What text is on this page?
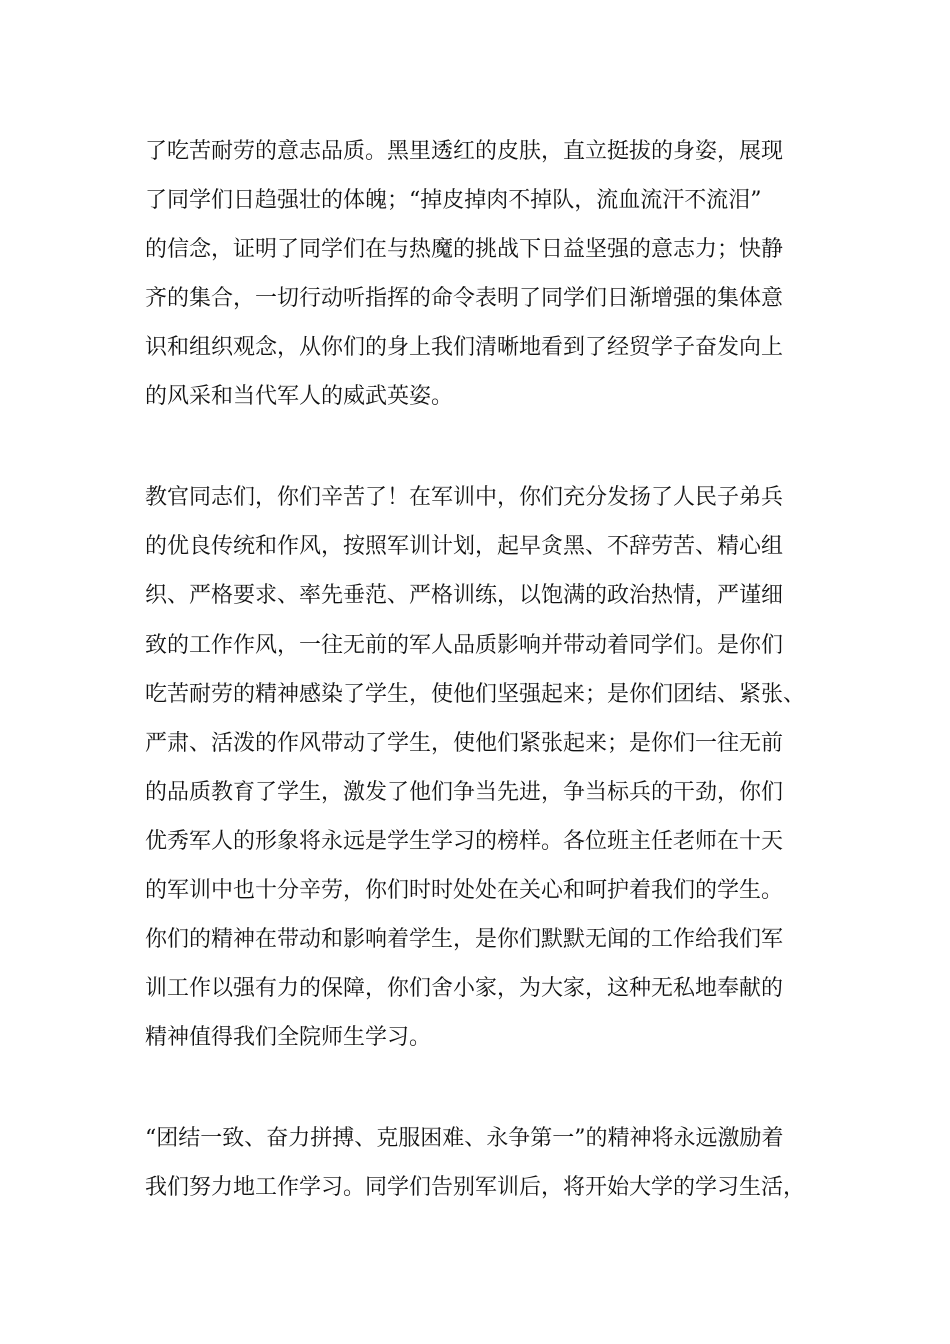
了吃苦耐劳的意志品质。黑里透红的皮肤，直立挺拔的身姿，展现

了同学们日趋强壮的体魄；“掉皮掉肉不掉队，流血流汗不流泪”

的信念，证明了同学们在与热魔的挑战下日益坚强的意志力；快静

齐的集合，一切行动听指挥的命令表明了同学们日渐增强的集体意

识和组织观念，从你们的身上我们清晰地看到了经贸学子奋发向上

的风采和当代军人的威武英姿。

教官同志们，你们辛苦了！在军训中，你们充分发扬了人民子弟兵

的优良传统和作风，按照军训计划，起早贪黑、不辞劳苦、精心组

织、严格要求、率先垂范、严格训练，以饱满的政治热情，严谨细

致的工作作风，一往无前的军人品质影响并带动着同学们。是你们

吃苦耐劳的精神感染了学生，使他们坚强起来；是你们团结、紧张、

严肃、活泼的作风带动了学生，使他们紧张起来；是你们一往无前

的品质教育了学生，激发了他们争当先进，争当标兵的干劲，你们

优秀军人的形象将永远是学生学习的榜样。各位班主任老师在十天

的军训中也十分辛劳，你们时时处处在关心和呵护着我们的学生。

你们的精神在带动和影响着学生，是你们默默无闻的工作给我们军

训工作以强有力的保障，你们舍小家，为大家，这种无私地奉献的

精神值得我们全院师生学习。

“团结一致、奋力拼搏、克服困难、永争第一”的精神将永远激励着

我们努力地工作学习。同学们告别军训后，将开始大学的学习生活，
